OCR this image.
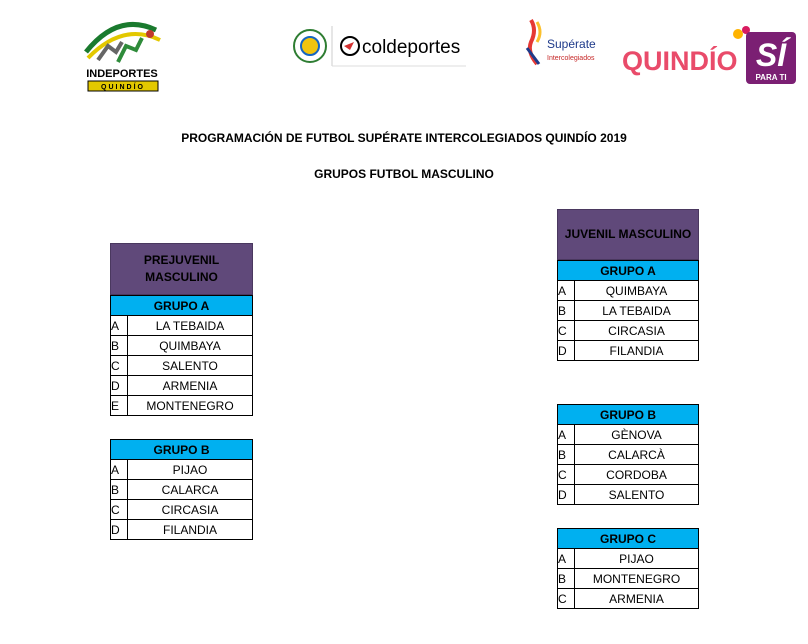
INDEPORTES
QUINDÍO
coldeportes	Supérate
Intercolegiados QUINDÍO SÍ
PARA TI
PROGRAMACIÓN DE FUTBOL SUPÉRATE INTERCOLEGIADOS QUINDÍO 2019
GRUPOS FUTBOL MASCULINO
PREJUVENIL MASCULINO
GRUPO A	
A	LA TEBAIDA
B	QUIMBAYA
C	SALENTO
D	ARMENIA
E	MONTENEGRO
GRUPO B	
A	PIJAO
B	CALARCA
C	CIRCASIA
D	FILANDIA
JUVENIL MASCULINO
GRUPO A	
A	QUIMBAYA
B	LA TEBAIDA
C	CIRCASIA
D	FILANDIA
GRUPO B	
A	GÈNOVA
B	CALARCÀ
C	CORDOBA
D	SALENTO
GRUPO C	
A	PIJAO
B	MONTENEGRO
C	ARMENIA
